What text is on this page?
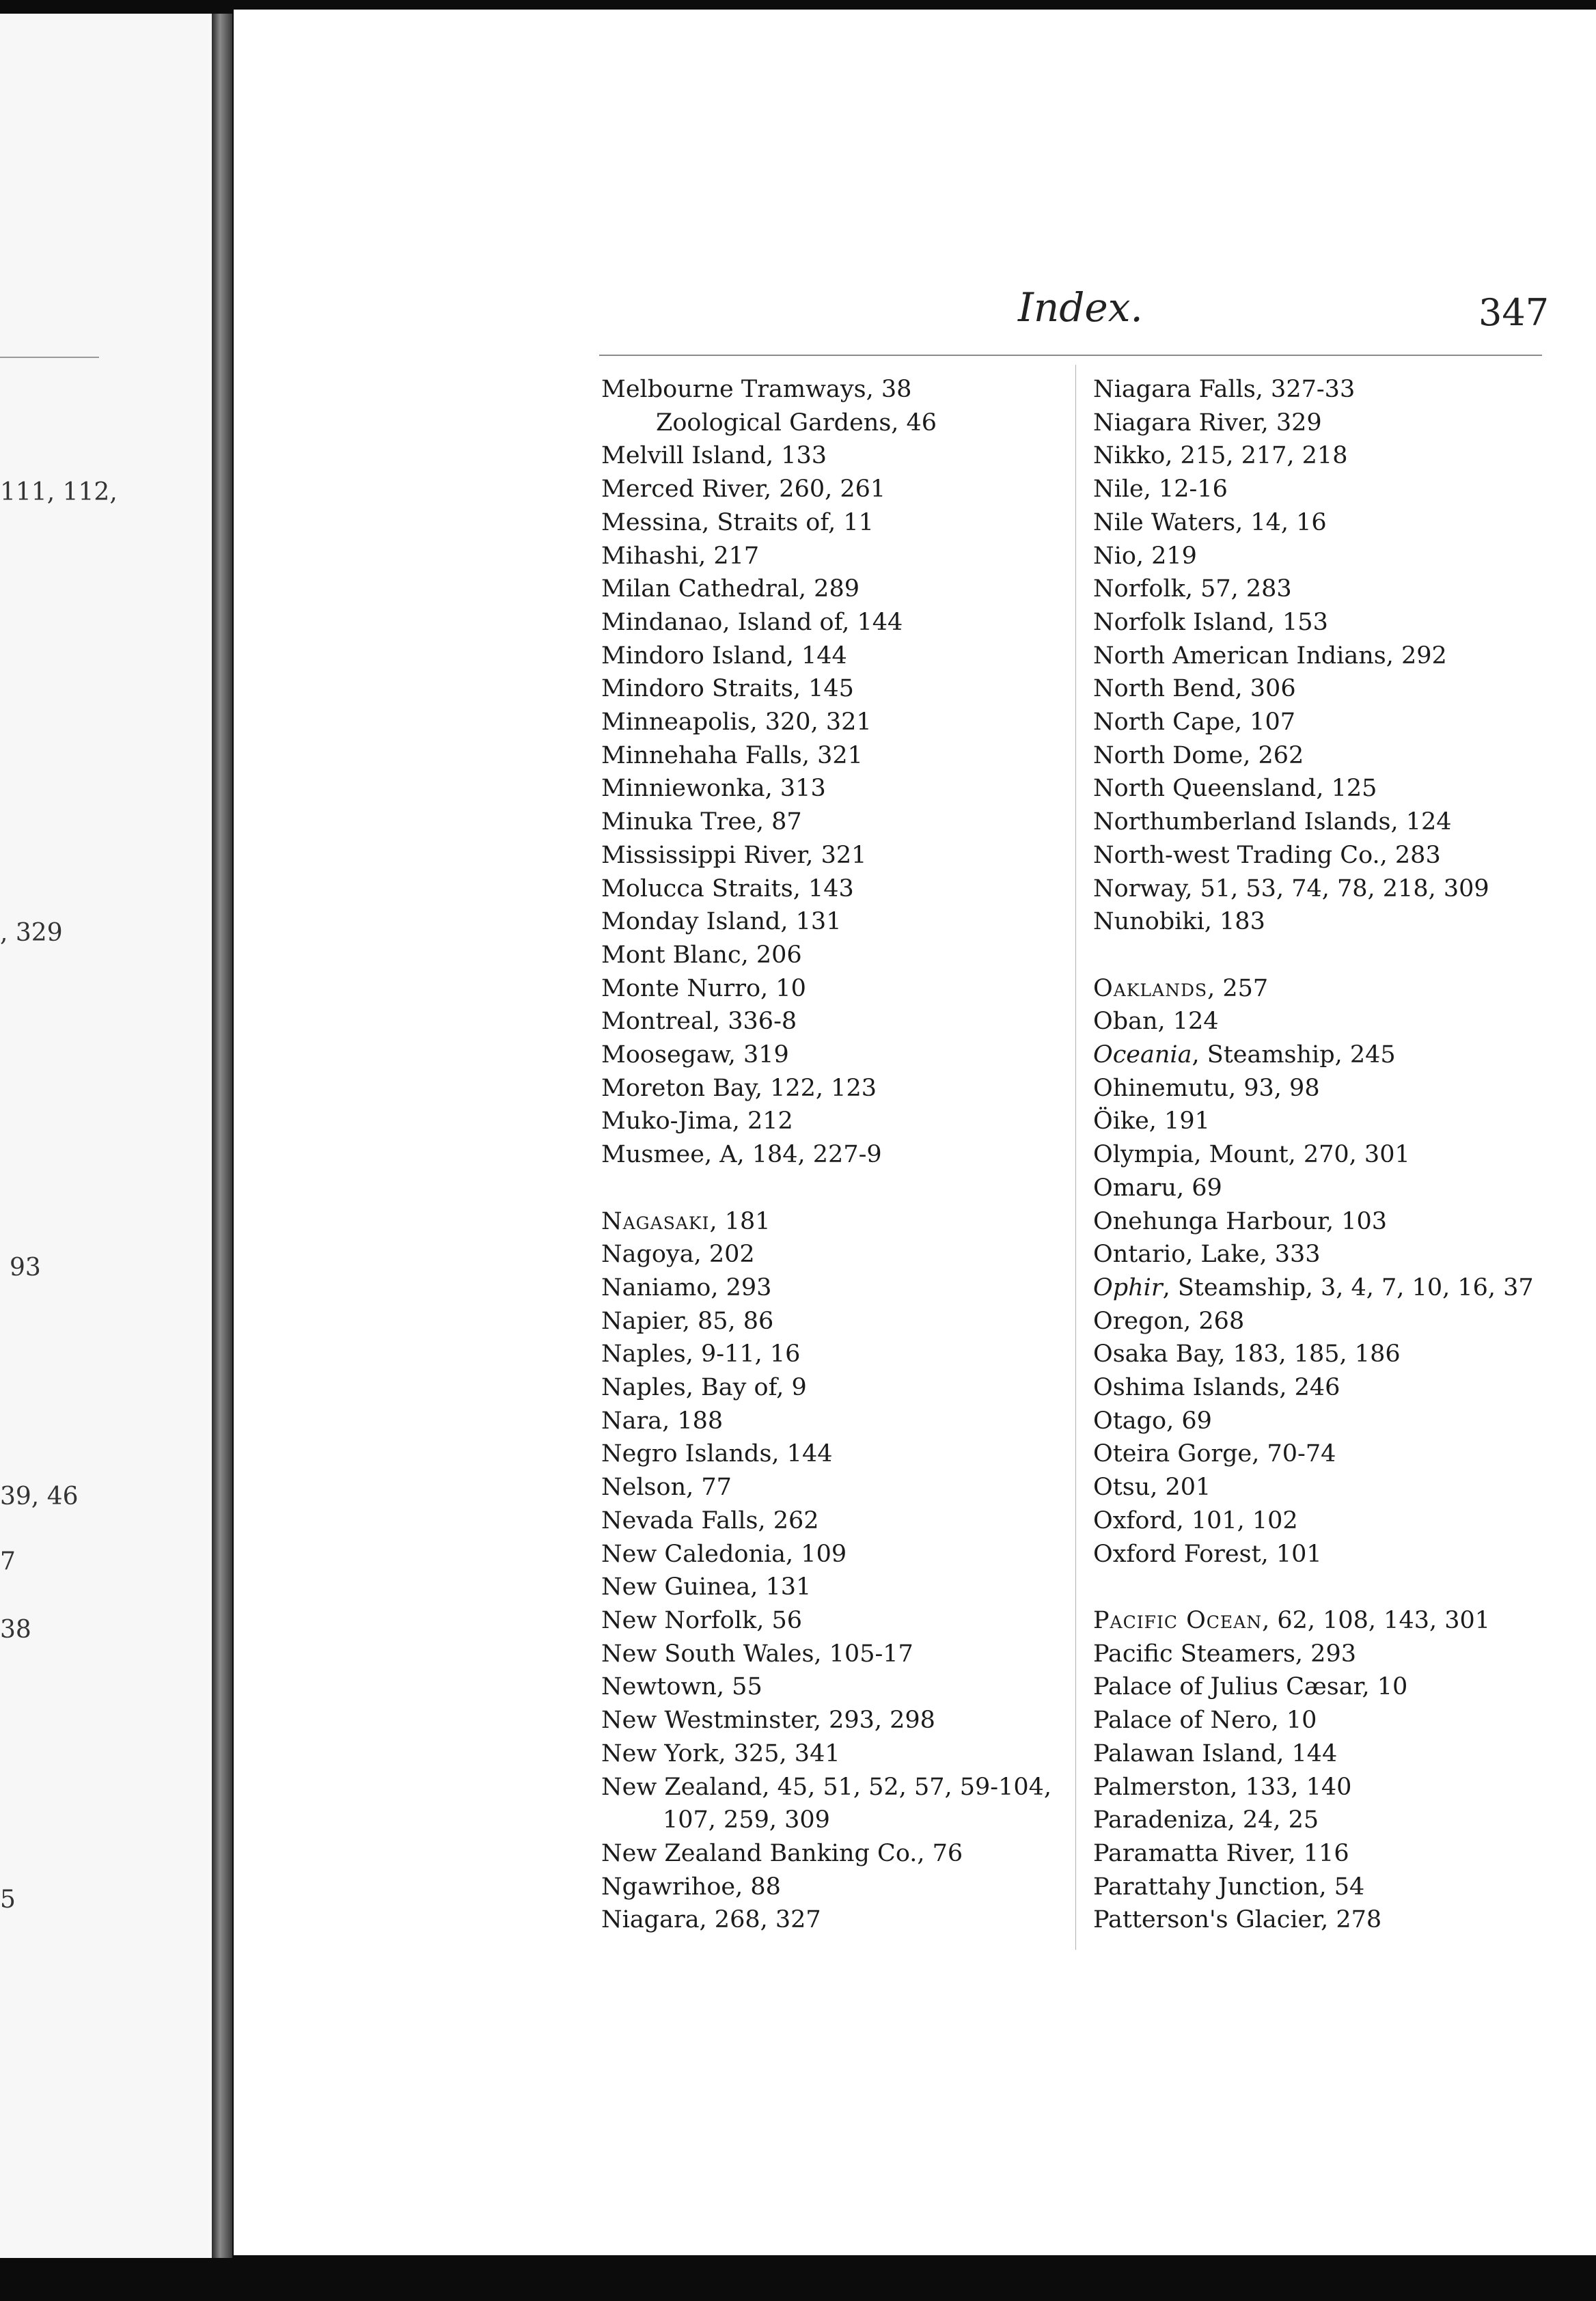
111, 112,
, 329
93
39, 46
7
38
5
Index.	347
Melbourne Tramways, 38
Zoological Gardens, 46
Melvill Island, 133
Merced River, 260, 261
Messina, Straits of, 11
Mihashi, 217
Milan Cathedral, 289
Mindanao, Island of, 144
Mindoro Island, 144
Mindoro Straits, 145
Minneapolis, 320, 321
Minnehaha Falls, 321
Minniewonka, 313
Minuka Tree, 87
Mississippi River, 321
Molucca Straits, 143
Monday Island, 131
Mont Blanc, 206
Monte Nurro, 10
Montreal, 336-8
Moosegaw, 319
Moreton Bay, 122, 123
Muko-Jima, 212
Musmee, A, 184, 227-9
Nagasaki, 181
Nagoya, 202
Naniamo, 293
Napier, 85, 86
Naples, 9-11, 16
Naples, Bay of, 9
Nara, 188
Negro Islands, 144
Nelson, 77
Nevada Falls, 262
New Caledonia, 109
New Guinea, 131
New Norfolk, 56
New South Wales, 105-17
Newtown, 55
New Westminster, 293, 298
New York, 325, 341
New Zealand, 45, 51, 52, 57, 59-104,
107, 259, 309
New Zealand Banking Co., 76
Ngawrihoe, 88
Niagara, 268, 327
Niagara Falls, 327-33
Niagara River, 329
Nikko, 215, 217, 218
Nile, 12-16
Nile Waters, 14, 16
Nio, 219
Norfolk, 57, 283
Norfolk Island, 153
North American Indians, 292
North Bend, 306
North Cape, 107
North Dome, 262
North Queensland, 125
Northumberland Islands, 124
North-west Trading Co., 283
Norway, 51, 53, 74, 78, 218, 309
Nunobiki, 183
Oaklands, 257
Oban, 124
Oceania, Steamship, 245
Ohinemutu, 93, 98
Öike, 191
Olympia, Mount, 270, 301
Omaru, 69
Onehunga Harbour, 103
Ontario, Lake, 333
Ophir, Steamship, 3, 4, 7, 10, 16, 37
Oregon, 268
Osaka Bay, 183, 185, 186
Oshima Islands, 246
Otago, 69
Oteira Gorge, 70-74
Otsu, 201
Oxford, 101, 102
Oxford Forest, 101
Pacific Ocean, 62, 108, 143, 301
Pacific Steamers, 293
Palace of Julius Cæsar, 10
Palace of Nero, 10
Palawan Island, 144
Palmerston, 133, 140
Paradeniza, 24, 25
Paramatta River, 116
Parattahy Junction, 54
Patterson's Glacier, 278
